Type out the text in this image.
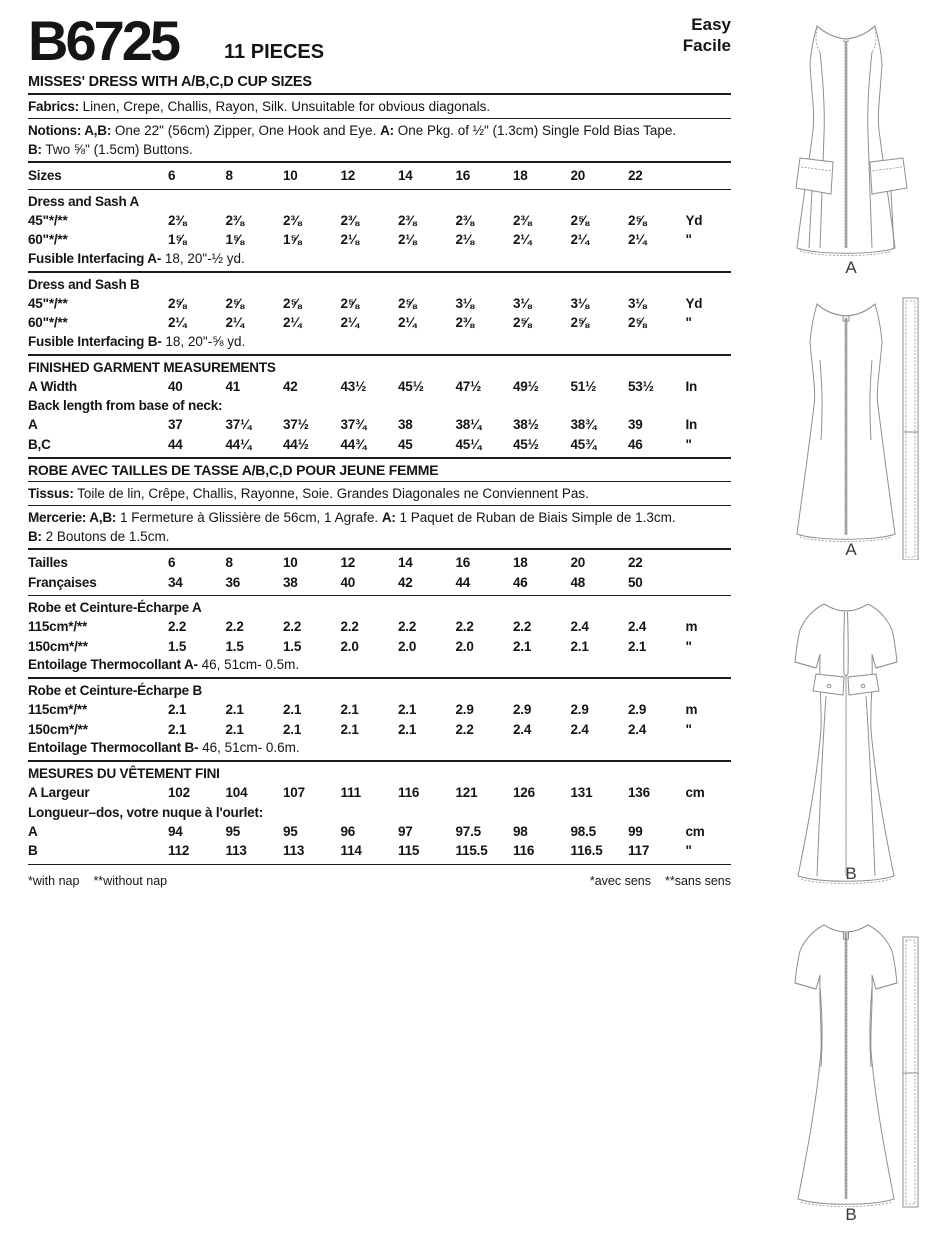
B6725 11 PIECES
Easy
Facile
MISSES' DRESS WITH A/B,C,D CUP SIZES
Fabrics: Linen, Crepe, Challis, Rayon, Silk. Unsuitable for obvious diagonals.
Notions: A,B: One 22" (56cm) Zipper, One Hook and Eye. A: One Pkg. of ½" (1.3cm) Single Fold Bias Tape.
B: Two ⅝" (1.5cm) Buttons.
Sizes	6	8	10	12	14	16	18	20	22
Dress and Sash A
45"*/**	2⅜	2⅜	2⅜	2⅜	2⅜	2⅜	2⅜	2⅝	2⅝	Yd
60"*/**	1⅝	1⅝	1⅝	2⅛	2⅛	2⅛	2¼	2¼	2¼	"
Fusible Interfacing A- 18, 20"-½ yd.
Dress and Sash B
45"*/**	2⅝	2⅝	2⅝	2⅝	2⅝	3⅛	3⅛	3⅛	3⅛	Yd
60"*/**	2¼	2¼	2¼	2¼	2¼	2⅜	2⅝	2⅝	2⅝	"
Fusible Interfacing B- 18, 20"-⅝ yd.
FINISHED GARMENT MEASUREMENTS
A Width	40	41	42	43½	45½	47½	49½	51½	53½	In
Back length from base of neck:
A	37	37¼	37½	37¾	38	38¼	38½	38¾	39	In
B,C	44	44¼	44½	44¾	45	45¼	45½	45¾	46	"
ROBE AVEC TAILLES DE TASSE A/B,C,D POUR JEUNE FEMME
Tissus: Toile de lin, Crêpe, Challis, Rayonne, Soie. Grandes Diagonales ne Conviennent Pas.
Mercerie: A,B: 1 Fermeture à Glissière de 56cm, 1 Agrafe. A: 1 Paquet de Ruban de Biais Simple de 1.3cm.
B: 2 Boutons de 1.5cm.
Tailles	6	8	10	12	14	16	18	20	22
Françaises	34	36	38	40	42	44	46	48	50
Robe et Ceinture-Écharpe A
115cm*/**	2.2	2.2	2.2	2.2	2.2	2.2	2.2	2.4	2.4	m
150cm*/**	1.5	1.5	1.5	2.0	2.0	2.0	2.1	2.1	2.1	"
Entoilage Thermocollant A- 46, 51cm- 0.5m.
Robe et Ceinture-Écharpe B
115cm*/**	2.1	2.1	2.1	2.1	2.1	2.9	2.9	2.9	2.9	m
150cm*/**	2.1	2.1	2.1	2.1	2.1	2.2	2.4	2.4	2.4	"
Entoilage Thermocollant B- 46, 51cm- 0.6m.
MESURES DU VÊTEMENT FINI
A Largeur	102	104	107	111	116	121	126	131	136	cm
Longueur–dos, votre nuque à l'ourlet:
A	94	95	95	96	97	97.5	98	98.5	99	cm
B	112	113	113	114	115	115.5	116	116.5	117	"
*with nap **without nap	*avec sens **sans sens
A
A
B
B
